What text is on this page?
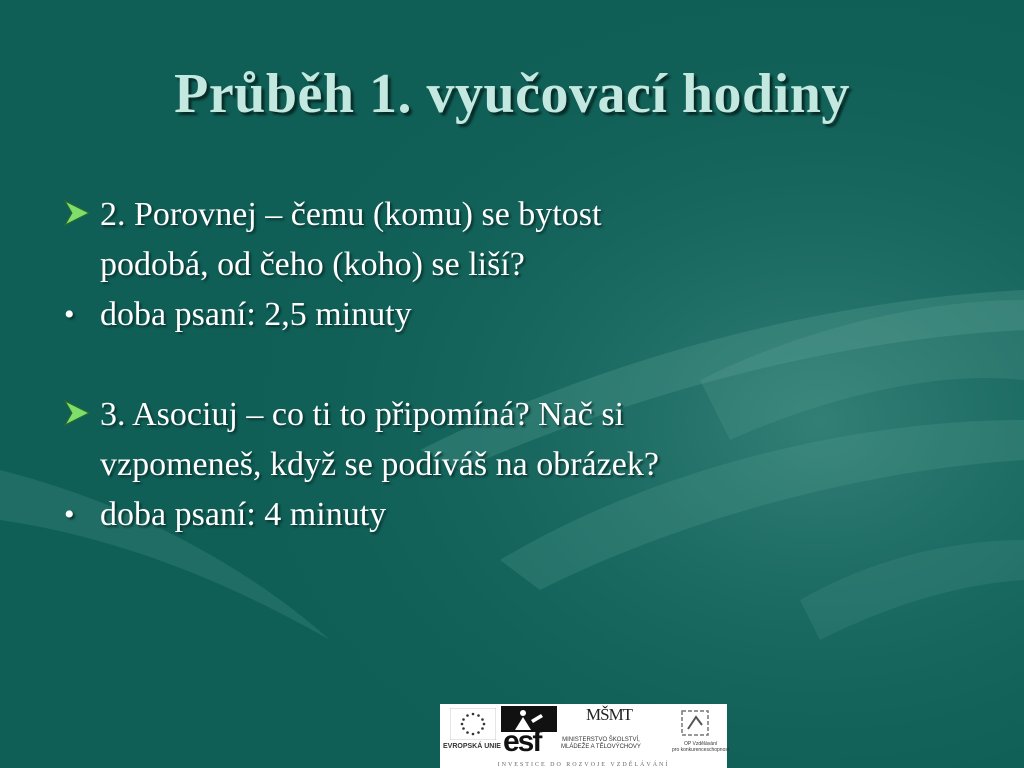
Průběh 1. vyučovací hodiny
2. Porovnej – čemu (komu) se bytost podobá, od čeho (koho) se liší?
• doba psaní: 2,5 minuty
3. Asociuj – co ti to připomíná? Nač si vzpomeneš, když se podíváš na obrázek?
• doba psaní: 4 minuty
EVROPSKÁ UNIE esf
MŠMT
MINISTERSTVO ŠKOLSTVÍ,
MLÁDEŽE A TĚLOVÝCHOVY	OP Vzdělávání
pro konkurenceschopnost
INVESTICE DO ROZVOJE VZDĚLÁVÁNÍ
